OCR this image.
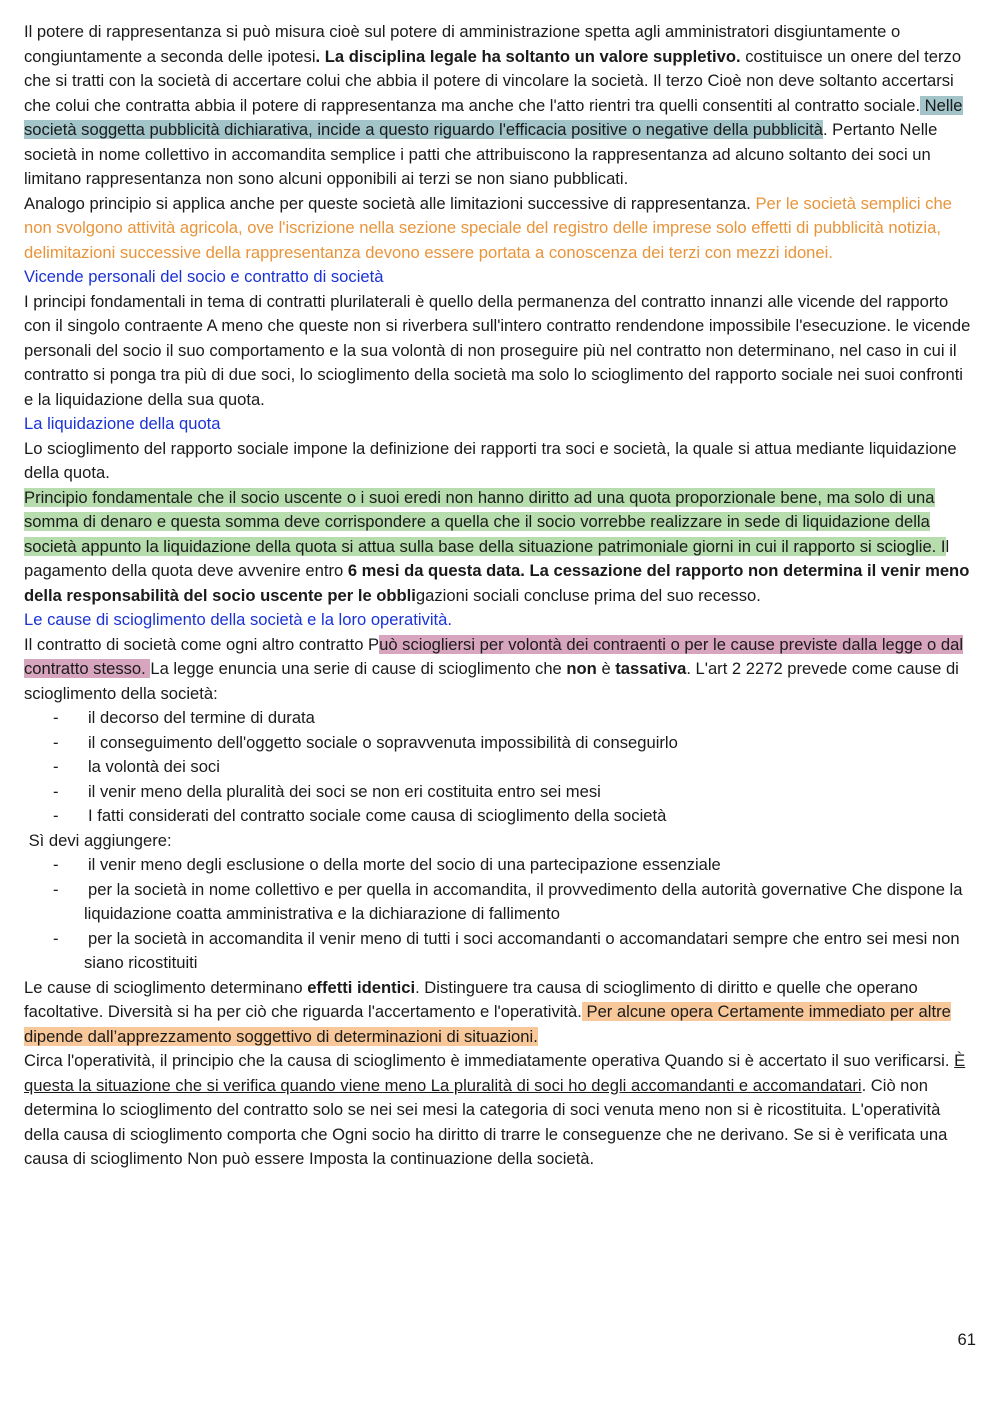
Il potere di rappresentanza si può misura cioè sul potere di amministrazione spetta agli amministratori disgiuntamente o congiuntamente a seconda delle ipotesi. La disciplina legale ha soltanto un valore suppletivo. costituisce un onere del terzo che si tratti con la società di accertare colui che abbia il potere di vincolare la società. Il terzo Cioè non deve soltanto accertarsi che colui che contratta abbia il potere di rappresentanza ma anche che l'atto rientri tra quelli consentiti al contratto sociale. Nelle società soggetta pubblicità dichiarativa, incide a questo riguardo l'efficacia positive o negative della pubblicità. Pertanto Nelle società in nome collettivo in accomandita semplice i patti che attribuiscono la rappresentanza ad alcuno soltanto dei soci un limitano rappresentanza non sono alcuni opponibili ai terzi se non siano pubblicati.

Analogo principio si applica anche per queste società alle limitazioni successive di rappresentanza. Per le società semplici che non svolgono attività agricola, ove l'iscrizione nella sezione speciale del registro delle imprese solo effetti di pubblicità notizia, delimitazioni successive della rappresentanza devono essere portata a conoscenza dei terzi con mezzi idonei.

Vicende personali del socio e contratto di società

I principi fondamentali in tema di contratti plurilaterali è quello della permanenza del contratto innanzi alle vicende del rapporto con il singolo contraente A meno che queste non si riverbera sull'intero contratto rendendone impossibile l'esecuzione. le vicende personali del socio il suo comportamento e la sua volontà di non proseguire più nel contratto non determinano, nel caso in cui il contratto si ponga tra più di due soci, lo scioglimento della società ma solo lo scioglimento del rapporto sociale nei suoi confronti e la liquidazione della sua quota.

La liquidazione della quota

Lo scioglimento del rapporto sociale impone la definizione dei rapporti tra soci e società, la quale si attua mediante liquidazione della quota.

Principio fondamentale che il socio uscente o i suoi eredi non hanno diritto ad una quota proporzionale bene, ma solo di una somma di denaro e questa somma deve corrispondere a quella che il socio vorrebbe realizzare in sede di liquidazione della società appunto la liquidazione della quota si attua sulla base della situazione patrimoniale giorni in cui il rapporto si scioglie. Il pagamento della quota deve avvenire entro 6 mesi da questa data. La cessazione del rapporto non determina il venir meno della responsabilità del socio uscente per le obbligazioni sociali concluse prima del suo recesso.

Le cause di scioglimento della società e la loro operatività.

Il contratto di società come ogni altro contratto Può sciogliersi per volontà dei contraenti o per le cause previste dalla legge o dal contratto stesso. La legge enuncia una serie di cause di scioglimento che non è tassativa. L'art 2 2272 prevede come cause di scioglimento della società:

- il decorso del termine di durata
- il conseguimento dell'oggetto sociale o sopravvenuta impossibilità di conseguirlo
- la volontà dei soci
- il venir meno della pluralità dei soci se non eri costituita entro sei mesi
- I fatti considerati del contratto sociale come causa di scioglimento della società

Sì devi aggiungere:

- il venir meno degli esclusione o della morte del socio di una partecipazione essenziale
- per la società in nome collettivo e per quella in accomandita, il provvedimento della autorità governative Che dispone la liquidazione coatta amministrativa e la dichiarazione di fallimento
- per la società in accomandita il venir meno di tutti i soci accomandanti o accomandatari sempre che entro sei mesi non siano ricostituiti

Le cause di scioglimento determinano effetti identici. Distinguere tra causa di scioglimento di diritto e quelle che operano facoltative. Diversità si ha per ciò che riguarda l'accertamento e l'operatività. Per alcune opera Certamente immediato per altre dipende dall’apprezzamento soggettivo di determinazioni di situazioni.

Circa l'operatività, il principio che la causa di scioglimento è immediatamente operativa Quando si è accertato il suo verificarsi. È questa la situazione che si verifica quando viene meno La pluralità di soci ho degli accomandanti e accomandatari. Ciò non determina lo scioglimento del contratto solo se nei sei mesi la categoria di soci venuta meno non si è ricostituita. L'operatività della causa di scioglimento comporta che Ogni socio ha diritto di trarre le conseguenze che ne derivano. Se si è verificata una causa di scioglimento Non può essere Imposta la continuazione della società.

61
